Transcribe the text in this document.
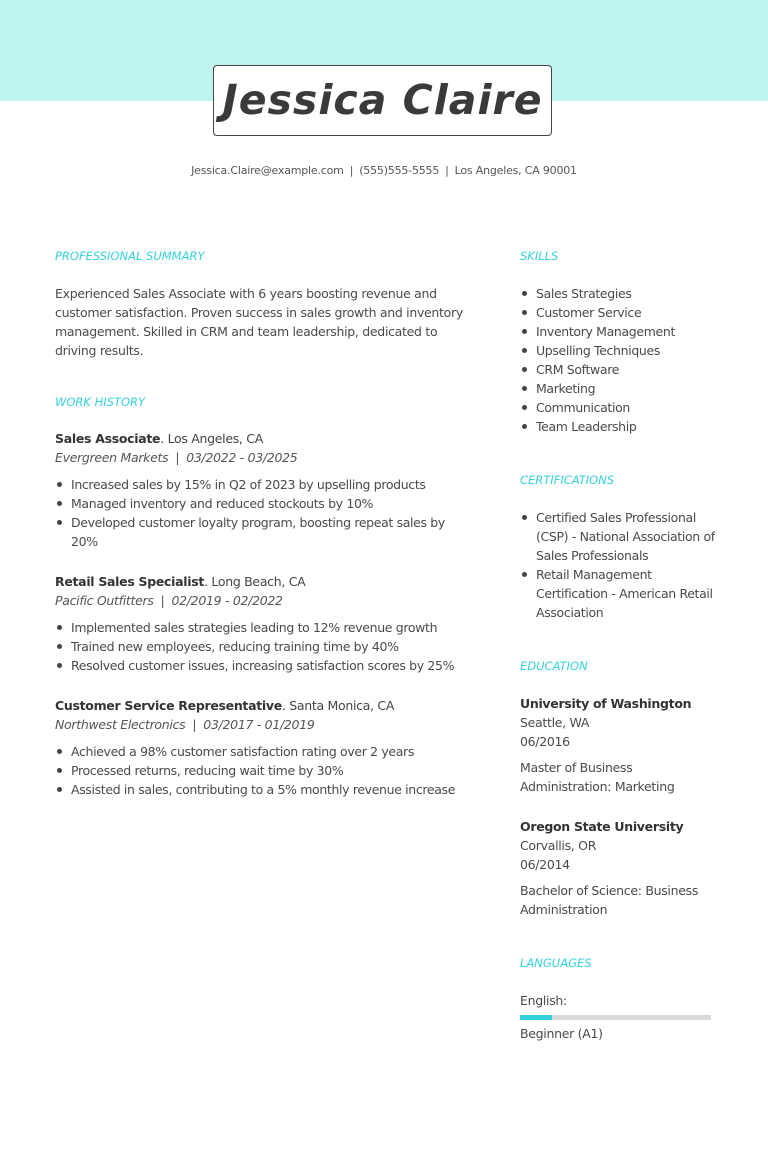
Jessica Claire
Jessica.Claire@example.com | (555)555-5555 | Los Angeles, CA 90001
PROFESSIONAL SUMMARY

Experienced Sales Associate with 6 years boosting revenue and customer satisfaction. Proven success in sales growth and inventory management. Skilled in CRM and team leadership, dedicated to driving results.

WORK HISTORY
Sales Associate. Los Angeles, CA
Evergreen Markets | 03/2022 - 03/2025
Increased sales by 15% in Q2 of 2023 by upselling products
Managed inventory and reduced stockouts by 10%
Developed customer loyalty program, boosting repeat sales by 20%
Retail Sales Specialist. Long Beach, CA
Pacific Outfitters | 02/2019 - 02/2022
Implemented sales strategies leading to 12% revenue growth
Trained new employees, reducing training time by 40%
Resolved customer issues, increasing satisfaction scores by 25%
Customer Service Representative. Santa Monica, CA
Northwest Electronics | 03/2017 - 01/2019
Achieved a 98% customer satisfaction rating over 2 years
Processed returns, reducing wait time by 30%
Assisted in sales, contributing to a 5% monthly revenue increase
SKILLS
Sales Strategies
Customer Service
Inventory Management
Upselling Techniques
CRM Software
Marketing
Communication
Team Leadership
CERTIFICATIONS
Certified Sales Professional (CSP) - National Association of Sales Professionals
Retail Management Certification - American Retail Association
EDUCATION
University of Washington
Seattle, WA
06/2016
Master of Business Administration: Marketing
Oregon State University
Corvallis, OR
06/2014
Bachelor of Science: Business Administration
LANGUAGES
English:
Beginner (A1)
